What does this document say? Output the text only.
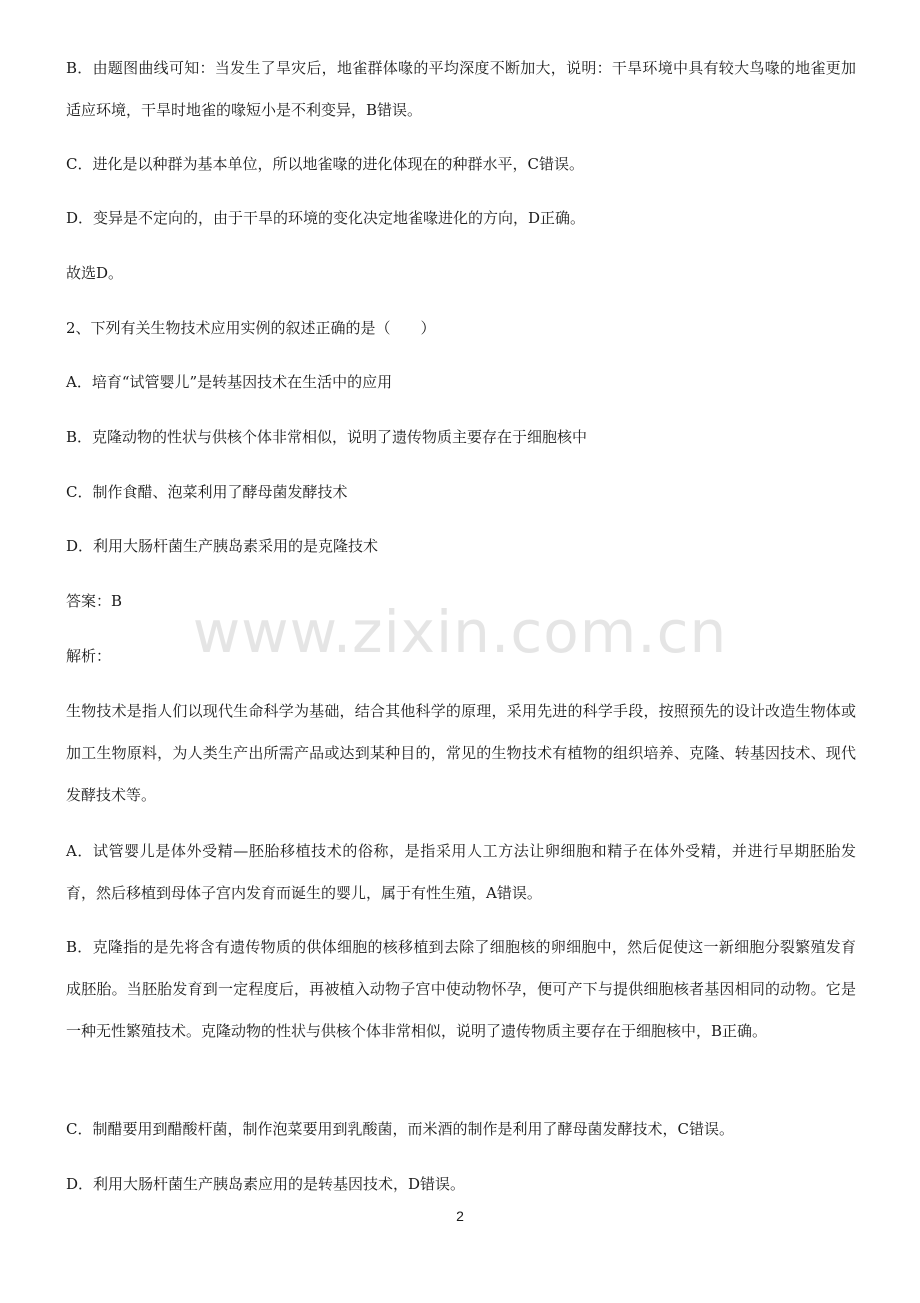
B．由题图曲线可知：当发生了旱灾后，地雀群体喙的平均深度不断加大，说明：干旱环境中具有较大鸟喙的地雀更加适应环境，干旱时地雀的喙短小是不利变异，B错误。

C．进化是以种群为基本单位，所以地雀喙的进化体现在的种群水平，C错误。

D．变异是不定向的，由于干旱的环境的变化决定地雀喙进化的方向，D正确。

故选D。

2、下列有关生物技术应用实例的叙述正确的是（　　）

A．培育“试管婴儿”是转基因技术在生活中的应用

B．克隆动物的性状与供核个体非常相似，说明了遗传物质主要存在于细胞核中

C．制作食醋、泡菜利用了酵母菌发酵技术

D．利用大肠杆菌生产胰岛素采用的是克隆技术

答案：B

解析：

生物技术是指人们以现代生命科学为基础，结合其他科学的原理，采用先进的科学手段，按照预先的设计改造生物体或加工生物原料，为人类生产出所需产品或达到某种目的，常见的生物技术有植物的组织培养、克隆、转基因技术、现代发酵技术等。

A．试管婴儿是体外受精—胚胎移植技术的俗称，是指采用人工方法让卵细胞和精子在体外受精，并进行早期胚胎发育，然后移植到母体子宫内发育而诞生的婴儿，属于有性生殖，A错误。

B．克隆指的是先将含有遗传物质的供体细胞的核移植到去除了细胞核的卵细胞中，然后促使这一新细胞分裂繁殖发育成胚胎。当胚胎发育到一定程度后，再被植入动物子宫中使动物怀孕，便可产下与提供细胞核者基因相同的动物。它是一种无性繁殖技术。克隆动物的性状与供核个体非常相似，说明了遗传物质主要存在于细胞核中，B正确。

C．制醋要用到醋酸杆菌，制作泡菜要用到乳酸菌，而米酒的制作是利用了酵母菌发酵技术，C错误。

D．利用大肠杆菌生产胰岛素应用的是转基因技术，D错误。

www.zixin.com.cn
2
